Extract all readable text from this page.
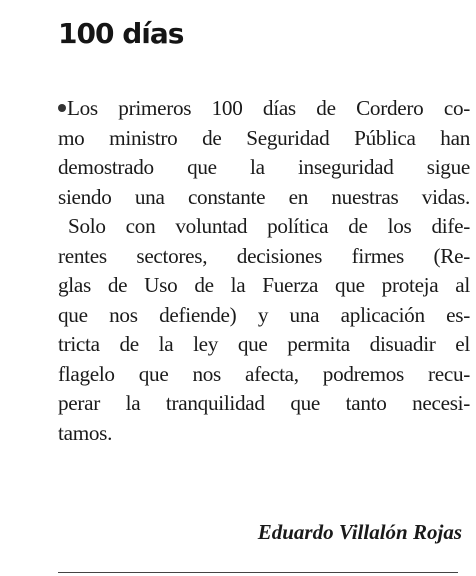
100 días
Los primeros 100 días de Cordero co-
mo ministro de Seguridad Pública han
demostrado que la inseguridad sigue
siendo una constante en nuestras vidas.
Solo con voluntad política de los dife-
rentes sectores, decisiones firmes (Re-
glas de Uso de la Fuerza que proteja al
que nos defiende) y una aplicación es-
tricta de la ley que permita disuadir el
flagelo que nos afecta, podremos recu-
perar la tranquilidad que tanto necesi-
tamos.
Eduardo Villalón Rojas
